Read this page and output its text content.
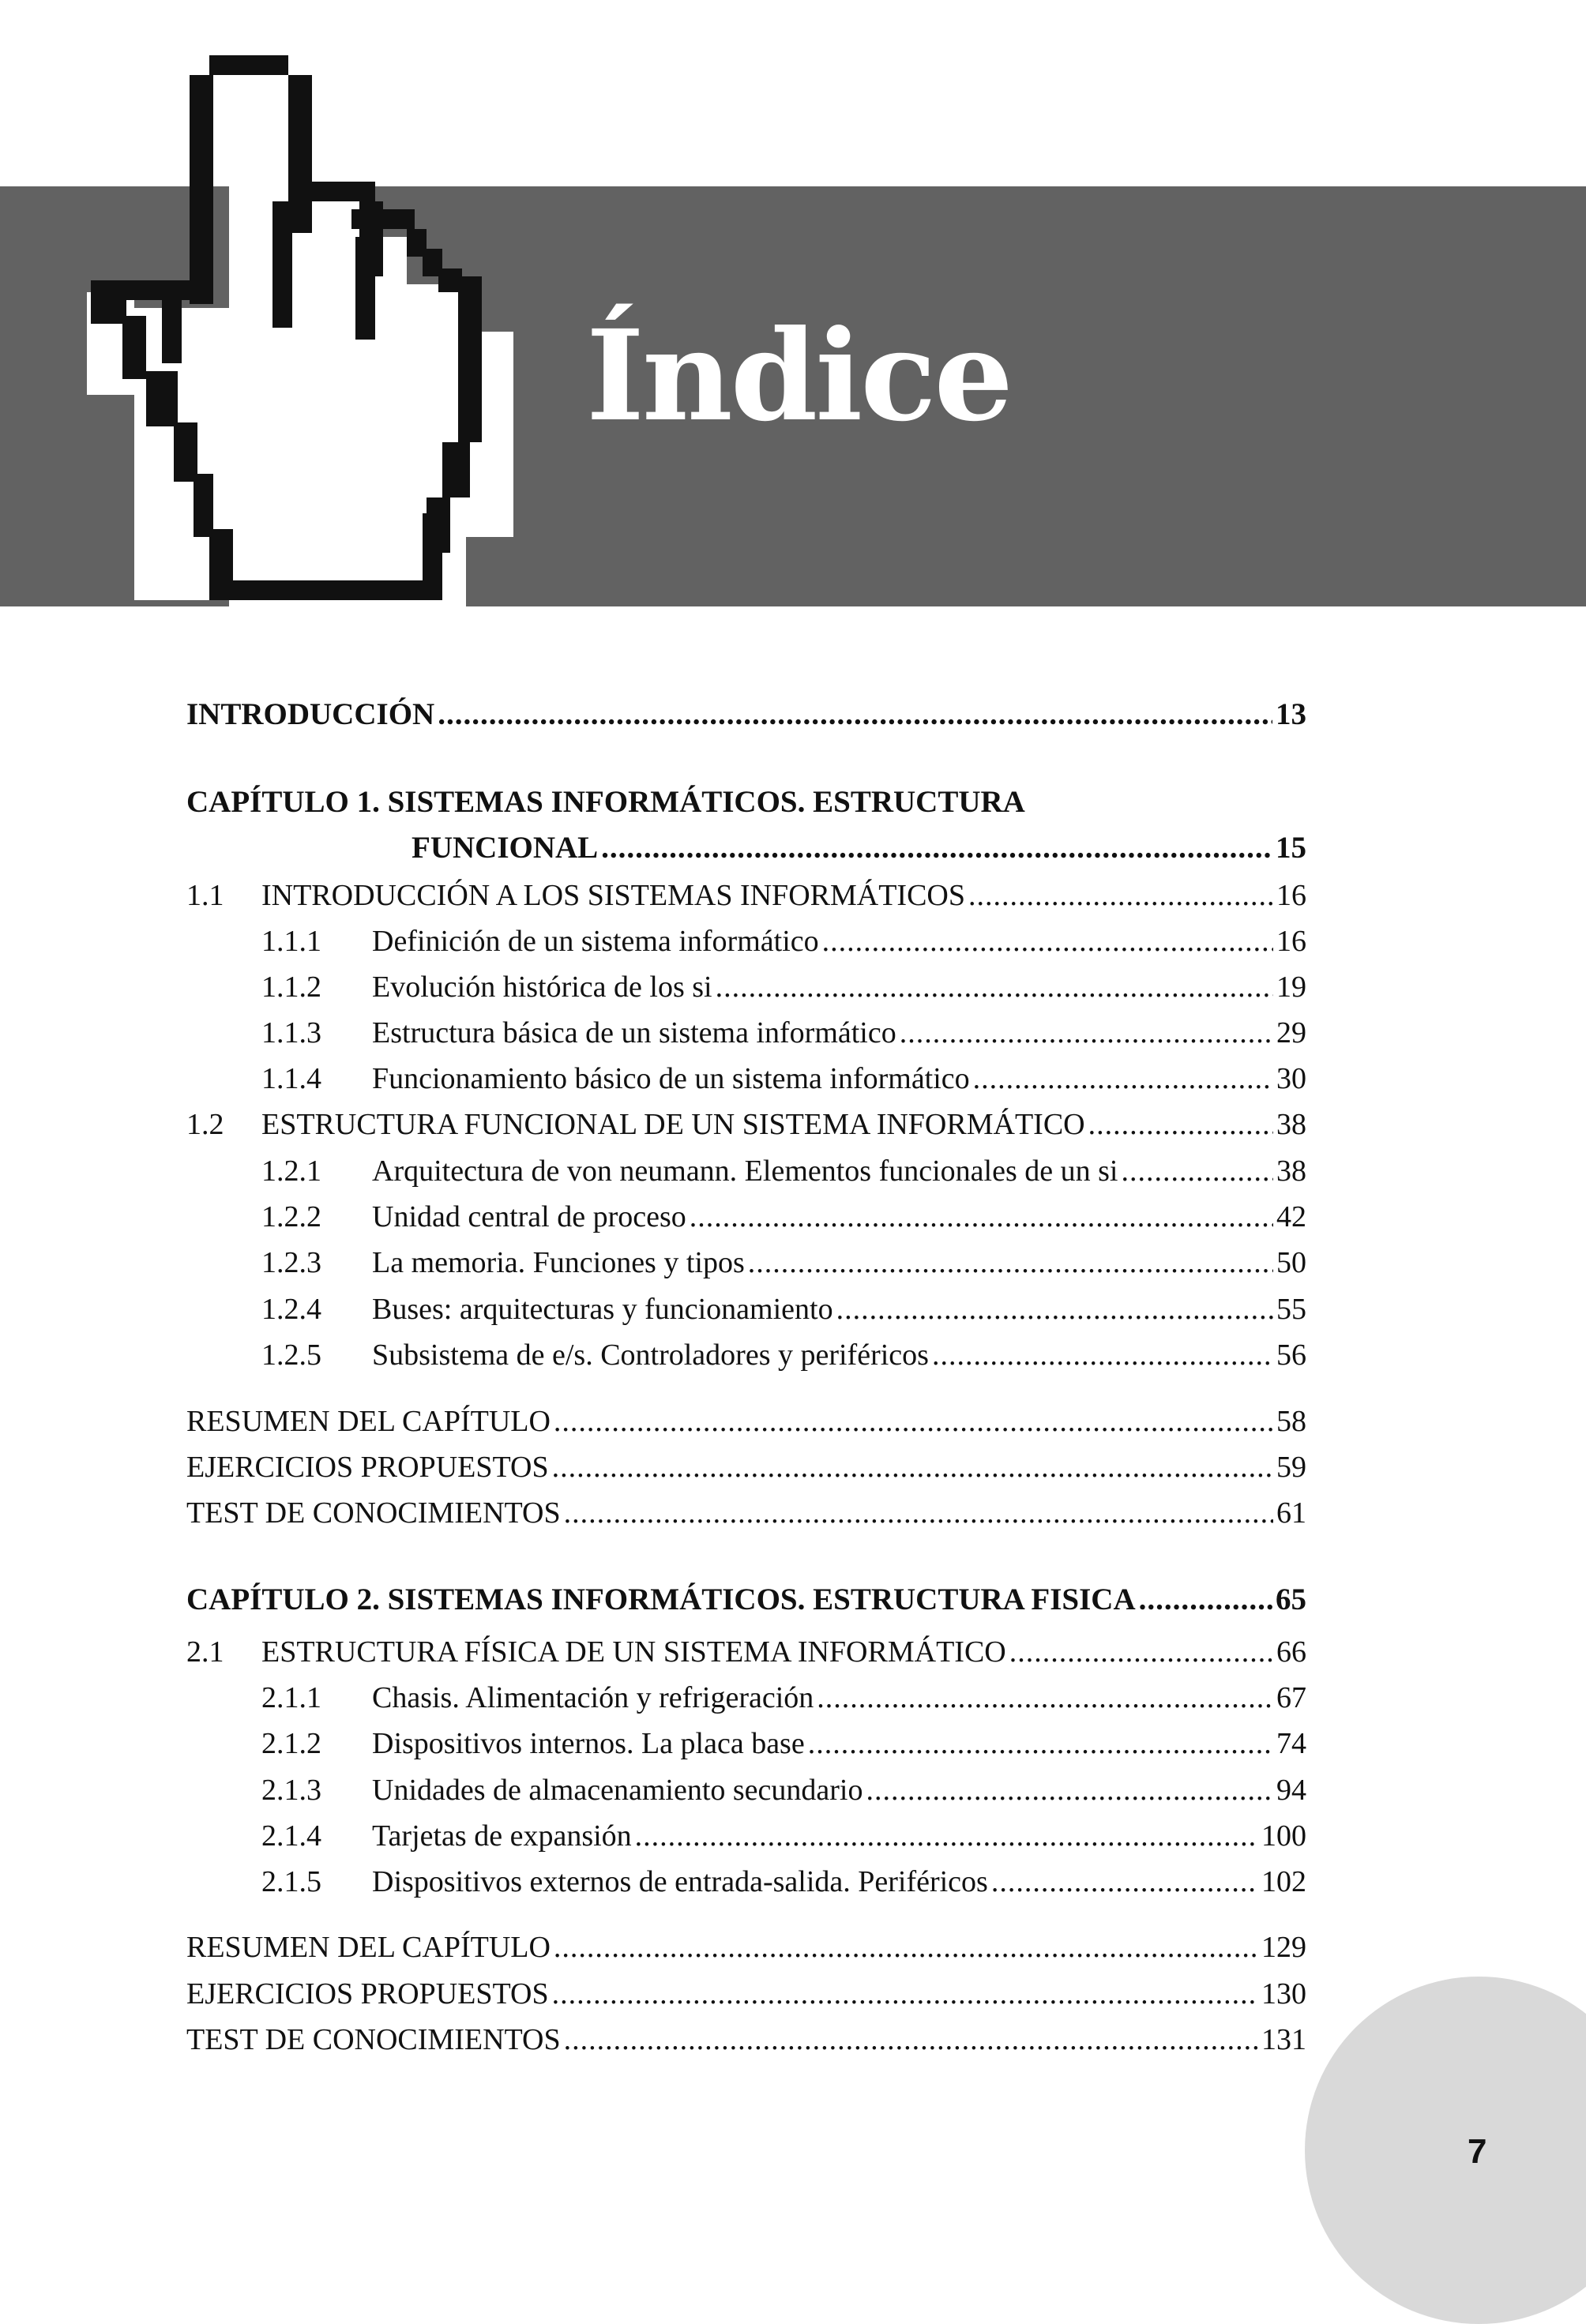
Índice
INTRODUCCIÓN .....	13
CAPÍTULO 1. SISTEMAS INFORMÁTICOS. ESTRUCTURA
FUNCIONAL .....	15
1.1	INTRODUCCIÓN A LOS SISTEMAS INFORMÁTICOS .....	16
1.1.1	Definición de un sistema informático .....	16
1.1.2	Evolución histórica de los si .....	19
1.1.3	Estructura básica de un sistema informático .....	29
1.1.4	Funcionamiento básico de un sistema informático .....	30
1.2	ESTRUCTURA FUNCIONAL DE UN SISTEMA INFORMÁTICO .....	38
1.2.1	Arquitectura de von neumann. Elementos funcionales de un si .....	38
1.2.2	Unidad central de proceso .....	42
1.2.3	La memoria. Funciones y tipos .....	50
1.2.4	Buses: arquitecturas y funcionamiento .....	55
1.2.5	Subsistema de e/s. Controladores y periféricos .....	56
RESUMEN DEL CAPÍTULO .....	58
EJERCICIOS PROPUESTOS .....	59
TEST DE CONOCIMIENTOS .....	61
CAPÍTULO 2. SISTEMAS INFORMÁTICOS. ESTRUCTURA FISICA .....	65
2.1	ESTRUCTURA FÍSICA DE UN SISTEMA INFORMÁTICO .....	66
2.1.1	Chasis. Alimentación y refrigeración .....	67
2.1.2	Dispositivos internos. La placa base .....	74
2.1.3	Unidades de almacenamiento secundario .....	94
2.1.4	Tarjetas de expansión .....	100
2.1.5	Dispositivos externos de entrada-salida. Periféricos .....	102
RESUMEN DEL CAPÍTULO .....	129
EJERCICIOS PROPUESTOS .....	130
TEST DE CONOCIMIENTOS .....	131
7
